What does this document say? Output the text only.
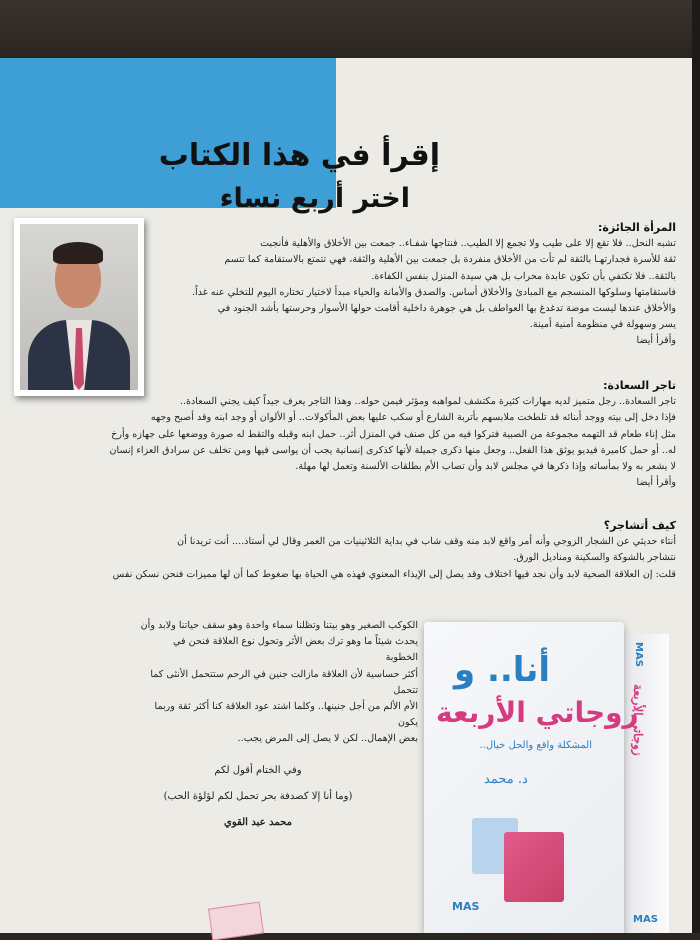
إقرأ في هذا الكتاب
اختر أربع نساء

المرأة الجائزة:

تشبه النحل.. فلا تقع إلا على طيب ولا تجمع إلا الطيب.. فنتاجها شفـاء.. جمعت بين الأخلاق والأهلية فأنجبت

ثقة للأسرة فجدارتهـا بالثقة لم تأت من الأخلاق منفردة بل جمعت بين الأهلية والثقة، فهي تتمتع بالاستقامة كما تتسم

بالثقة.. فلا تكتفي بأن تكون عابدة محراب بل هي سيدة المنزل بنفس الكفاءة.

فاستقامتها وسلوكها المنسجم مع المبادئ والأخلاق أساس. والصدق والأمانة والحياء مبدأ لاختيار تختاره اليوم للتخلي عنه غداً.

والأخلاق عندها ليست موضة تدغدغ بها العواطف بل هي جوهرة داخلية أقامت حولها الأسوار وحرستها بأشد الجنود في

يسر وسهولة في منظومة أمنية أمينة.

وأقرأ أيضا

تاجر السعادة:

تاجر السعادة.. رجل متميز لديه مهارات كثيرة مكتشف لمواهبه ومؤثر فيمن حوله.. وهذا التاجر يعرف جيداً كيف يجني السعادة..

فإذا دخل إلى بيته ووجد أبنائه قد تلطخت ملابسهم بأتربة الشارع أو سكب عليها بعض المأكولات.. أو الألوان أو وجد ابنه وقد أصبح وجهه

مثل إناء طعام قد التهمه مجموعة من الصبية فتركوا فيه من كل صنف في المنزل أثر.. حمل ابنه وقبله والتقط له صورة ووضعها على جهازه وأرخ

له.. أو حمل كاميرة فيديو يوثق هذا الفعل.. وجعل منها ذكرى جميلة لأنها كذكرى إنسانية يجب أن يواسى فيها ومن تخلف عن سرادق العزاء إنسان

لا يشعر به ولا بمأساته وإذا ذكرها في مجلس لابد وأن تصاب الأم بطلقات الألسنة وتعمل لها مهلة.

وأقرأ أيضا

كيف أتشاجر؟

أنتاء حديثي عن الشجار الزوجي وأنه أمر واقع لابد منه وقف شاب في بداية الثلاثينيات من العمر وقال لي أستاذ.... أنت تريدنا أن

نتشاجر بالشوكة والسكينة ومناديل الورق.

قلت: إن العلاقة الصحية لابد وأن نجد فيها اختلاف وقد يصل إلى الإيذاء المعنوي فهذه هي الحياة بها ضغوط كما أن لها مميزات فنحن نسكن نفس

الكوكب الصغير وهو بيتنا وتظلنا سماء واحدة وهو سقف حياتنا ولابد وأن

يحدث شيئاً ما وهو ترك بعض الأثر وتحول نوع العلاقة فنحن في الخطوبة

أكثر حساسية لأن العلاقة مازالت جنين في الرحم ستتحمل الأنثى كما تتحمل

الأم الألم من أجل جنينها.. وكلما اشتد عود العلاقة كنا أكثر ثقة وربما يكون

بعض الإهمال.. لكن لا يصل إلى المرض يجب..

وفي الختام أقول لكم
(وما أنا إلا كصدفة بحر تحمل لكم لؤلؤة الحب)
محمد عبد القوي
MAS
زوجاتي الأربعة
MAS
أنا.. و
زوجاتي الأربعة
المشكلة واقع والحل خيال..
د. محمد
MAS
